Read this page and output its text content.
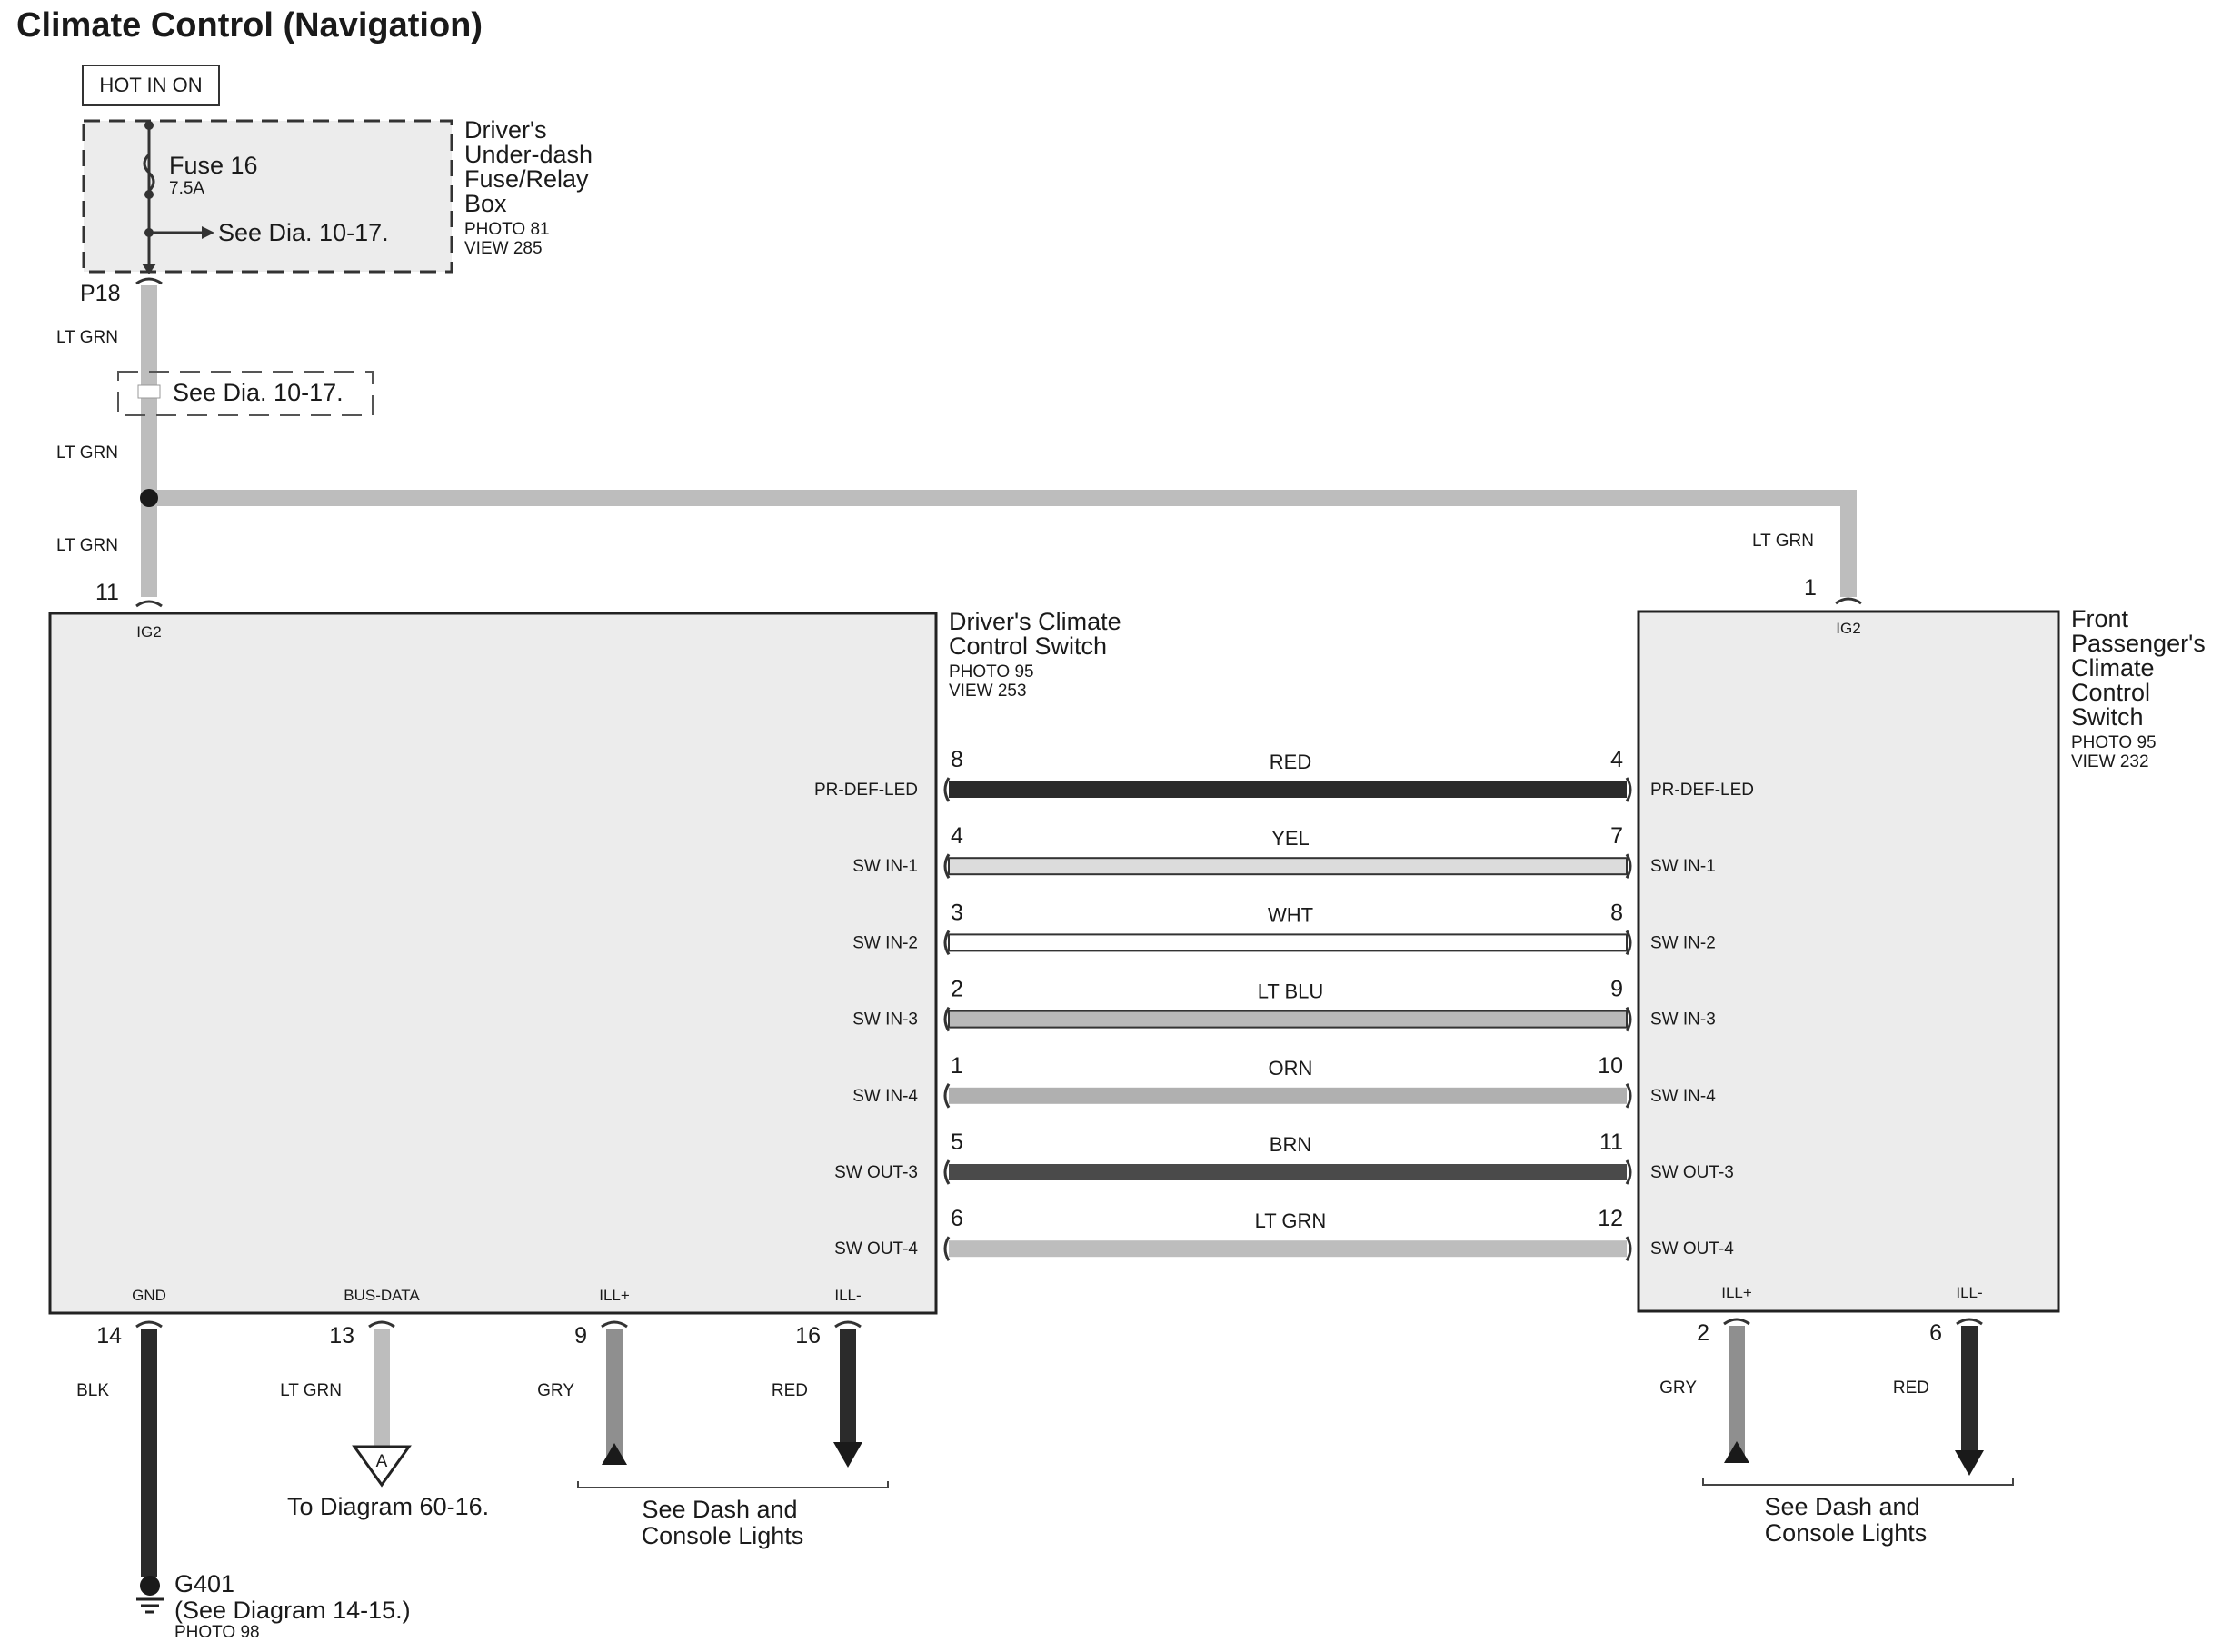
Climate Control (Navigation)
HOT IN ON
Fuse 16
7.5A
See Dia. 10-17.
Driver's
Under-dash
Fuse/Relay
Box
PHOTO 81
VIEW 285
P18
LT GRN
See Dia. 10-17.
LT GRN
LT GRN	LT GRN
11
IG2	Driver's Climate
Control Switch
PHOTO 95
VIEW 253
1
IG2	Front
Passenger's
Climate
Control
Switch
PHOTO 95
VIEW 232
8	4
RED
PR-DEF-LED	PR-DEF-LED
4	7
YEL
SW IN-1	SW IN-1
3	8
WHT
SW IN-2	SW IN-2
2	9
LT BLU
SW IN-3	SW IN-3
1	10
ORN
SW IN-4	SW IN-4
5	11
BRN
SW OUT-3	SW OUT-3
6	12
LT GRN
SW OUT-4	SW OUT-4
GND
14
BLK
BUS-DATA
13
LT GRN
ILL+
9
GRY
ILL-
16
RED
ILL+
2
GRY
ILL-
6
RED
A
To Diagram 60-16.	See Dash and
Console Lights
See Dash and
Console Lights
G401
(See Diagram 14-15.)
PHOTO 98
